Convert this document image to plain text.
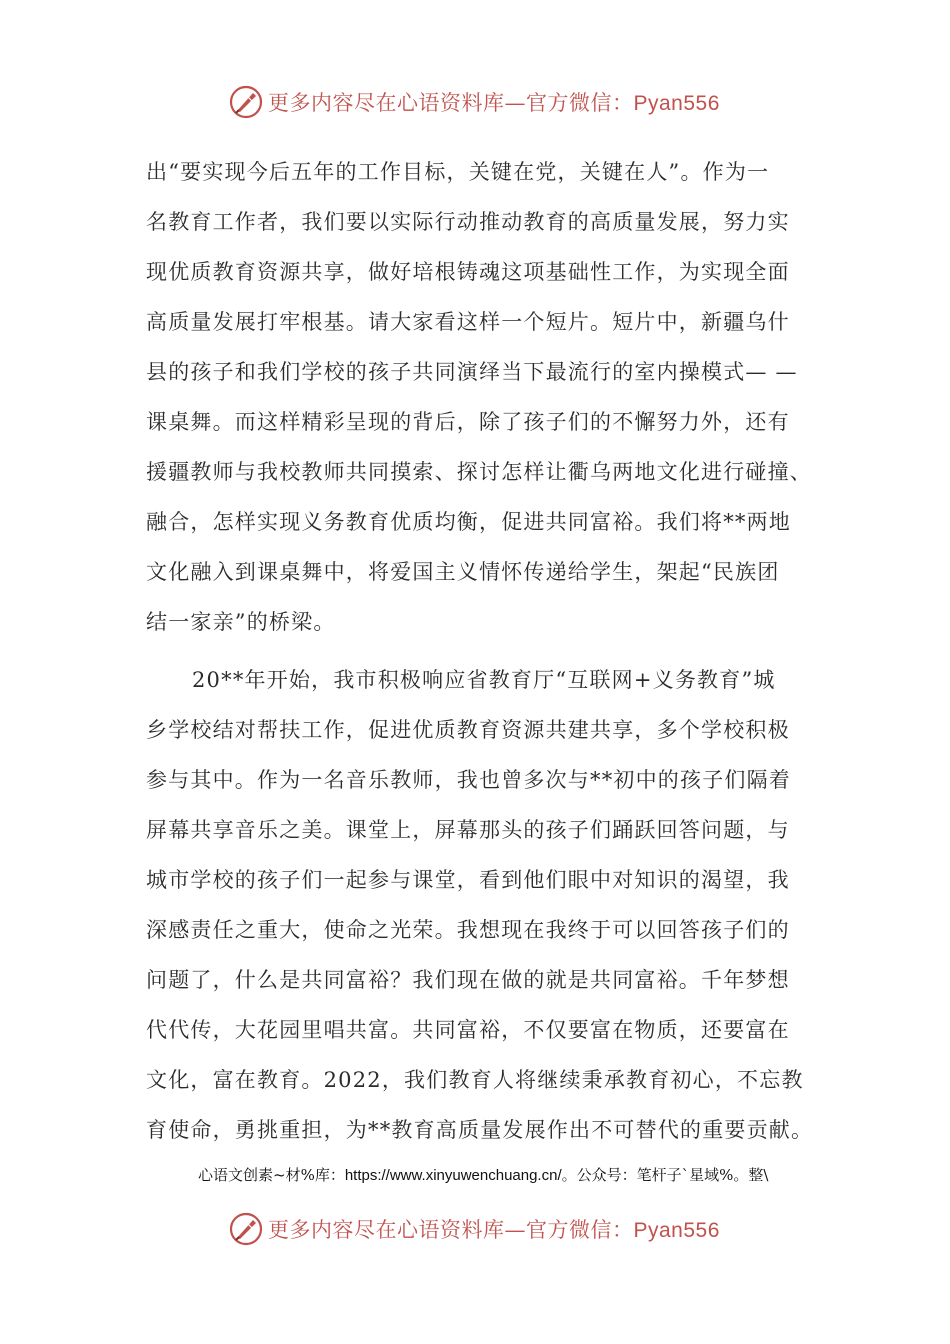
更多内容尽在心语资料库—官方微信：Pyan556
出“要实现今后五年的工作目标，关键在党，关键在人”。作为一
名教育工作者，我们要以实际行动推动教育的高质量发展，努力实
现优质教育资源共享，做好培根铸魂这项基础性工作，为实现全面
高质量发展打牢根基。请大家看这样一个短片。短片中，新疆乌什
县的孩子和我们学校的孩子共同演绎当下最流行的室内操模式— —
课桌舞。而这样精彩呈现的背后，除了孩子们的不懈努力外，还有
援疆教师与我校教师共同摸索、探讨怎样让衢乌两地文化进行碰撞、
融合，怎样实现义务教育优质均衡，促进共同富裕。我们将**两地
文化融入到课桌舞中，将爱国主义情怀传递给学生，架起“民族团
结一家亲”的桥梁。
20**年开始，我市积极响应省教育厅“互联网+义务教育”城
乡学校结对帮扶工作，促进优质教育资源共建共享，多个学校积极
参与其中。作为一名音乐教师，我也曾多次与**初中的孩子们隔着
屏幕共享音乐之美。课堂上，屏幕那头的孩子们踊跃回答问题，与
城市学校的孩子们一起参与课堂，看到他们眼中对知识的渴望，我
深感责任之重大，使命之光荣。我想现在我终于可以回答孩子们的
问题了，什么是共同富裕？我们现在做的就是共同富裕。千年梦想
代代传，大花园里唱共富。共同富裕，不仅要富在物质，还要富在
文化，富在教育。2022，我们教育人将继续秉承教育初心，不忘教
育使命，勇挑重担，为**教育高质量发展作出不可替代的重要贡献。
心语文创素~材%库：https://www.xinyuwenchuang.cn/。公众号：笔杆子`星域%。整\
更多内容尽在心语资料库—官方微信：Pyan556
